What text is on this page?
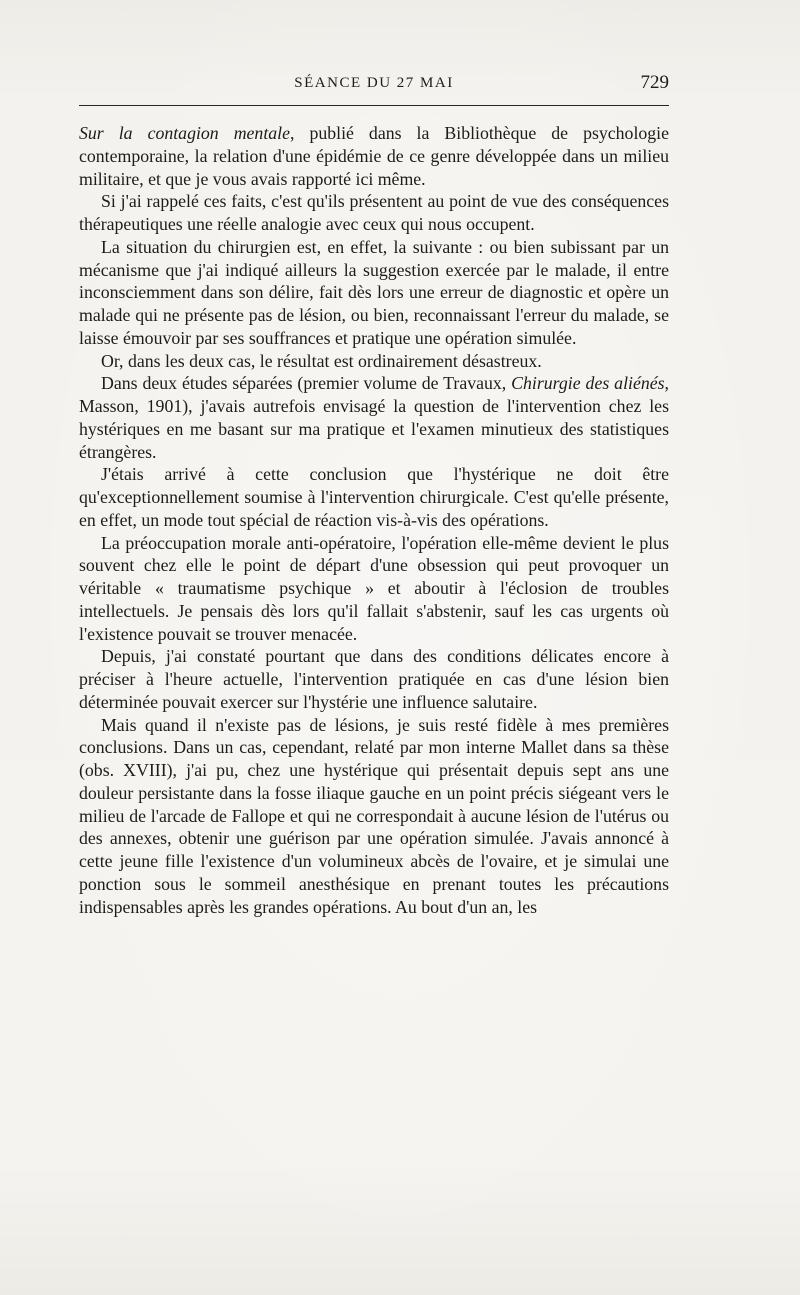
SÉANCE DU 27 MAI	729

Sur la contagion mentale, publié dans la Bibliothèque de psychologie contemporaine, la relation d'une épidémie de ce genre développée dans un milieu militaire, et que je vous avais rapporté ici même.

Si j'ai rappelé ces faits, c'est qu'ils présentent au point de vue des conséquences thérapeutiques une réelle analogie avec ceux qui nous occupent.

La situation du chirurgien est, en effet, la suivante : ou bien subissant par un mécanisme que j'ai indiqué ailleurs la suggestion exercée par le malade, il entre inconsciemment dans son délire, fait dès lors une erreur de diagnostic et opère un malade qui ne présente pas de lésion, ou bien, reconnaissant l'erreur du malade, se laisse émouvoir par ses souffrances et pratique une opération simulée.

Or, dans les deux cas, le résultat est ordinairement désastreux.

Dans deux études séparées (premier volume de Travaux, Chirurgie des aliénés, Masson, 1901), j'avais autrefois envisagé la question de l'intervention chez les hystériques en me basant sur ma pratique et l'examen minutieux des statistiques étrangères.

J'étais arrivé à cette conclusion que l'hystérique ne doit être qu'exceptionnellement soumise à l'intervention chirurgicale. C'est qu'elle présente, en effet, un mode tout spécial de réaction vis-à-vis des opérations.

La préoccupation morale anti-opératoire, l'opération elle-même devient le plus souvent chez elle le point de départ d'une obsession qui peut provoquer un véritable « traumatisme psychique » et aboutir à l'éclosion de troubles intellectuels. Je pensais dès lors qu'il fallait s'abstenir, sauf les cas urgents où l'existence pouvait se trouver menacée.

Depuis, j'ai constaté pourtant que dans des conditions délicates encore à préciser à l'heure actuelle, l'intervention pratiquée en cas d'une lésion bien déterminée pouvait exercer sur l'hystérie une influence salutaire.

Mais quand il n'existe pas de lésions, je suis resté fidèle à mes premières conclusions. Dans un cas, cependant, relaté par mon interne Mallet dans sa thèse (obs. XVIII), j'ai pu, chez une hystérique qui présentait depuis sept ans une douleur persistante dans la fosse iliaque gauche en un point précis siégeant vers le milieu de l'arcade de Fallope et qui ne correspondait à aucune lésion de l'utérus ou des annexes, obtenir une guérison par une opération simulée. J'avais annoncé à cette jeune fille l'existence d'un volumineux abcès de l'ovaire, et je simulai une ponction sous le sommeil anesthésique en prenant toutes les précautions indispensables après les grandes opérations. Au bout d'un an, les
